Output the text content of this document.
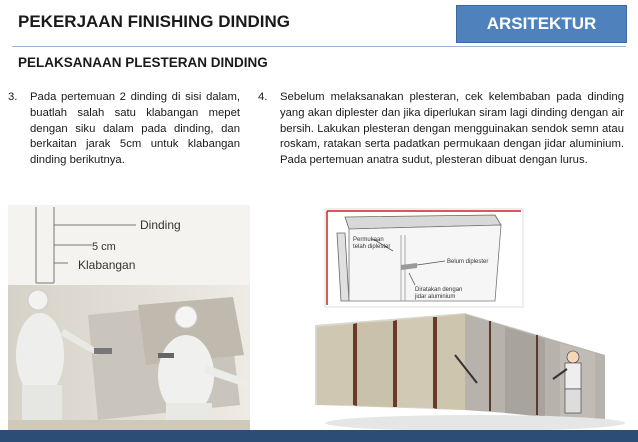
PEKERJAAN FINISHING DINDING	ARSITEKTUR
PELAKSANAAN PLESTERAN DINDING
3. Pada pertemuan 2 dinding di sisi dalam, buatlah salah satu klabangan mepet dengan siku dalam pada dinding, dan berkaitan jarak 5cm untuk klabangan dinding berikutnya.
4. Sebelum melaksanakan plesteran, cek kelembaban pada dinding yang akan diplester dan jika diperlukan siram lagi dinding dengan air bersih. Lakukan plesteran dengan mengguinakan sendok semn atau roskam, ratakan serta padatkan permukaan dengan jidar aluminium. Pada pertemuan anatra sudut, plesteran dibuat dengan lurus.
Dinding
5 cm
Klabangan
Permukaan
telah diplester
Belum diplester
Diratakan dengan
jidar aluminium
